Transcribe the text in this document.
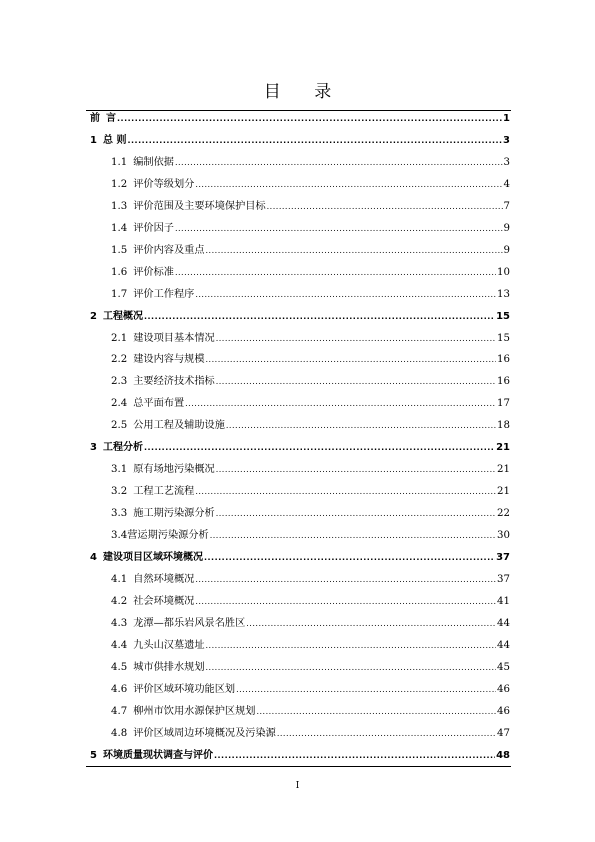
目 录
前 言 .....	1
1 总 则 .....	3
1.1 编制依据 .....	3
1.2 评价等级划分 .....	4
1.3 评价范围及主要环境保护目标 .....	7
1.4 评价因子 .....	9
1.5 评价内容及重点 .....	9
1.6 评价标准 .....	10
1.7 评价工作程序 .....	13
2 工程概况 .....	15
2.1 建设项目基本情况 .....	15
2.2 建设内容与规模 .....	16
2.3 主要经济技术指标 .....	16
2.4 总平面布置 .....	17
2.5 公用工程及辅助设施 .....	18
3 工程分析 .....	21
3.1 原有场地污染概况 .....	21
3.2 工程工艺流程 .....	21
3.3 施工期污染源分析 .....	22
3.4 营运期污染源分析 .....	30
4 建设项目区域环境概况 .....	37
4.1 自然环境概况 .....	37
4.2 社会环境概况 .....	41
4.3 龙潭—都乐岩风景名胜区 .....	44
4.4 九头山汉墓遗址 .....	44
4.5 城市供排水规划 .....	45
4.6 评价区域环境功能区划 .....	46
4.7 柳州市饮用水源保护区规划 .....	46
4.8 评价区域周边环境概况及污染源 .....	47
5 环境质量现状调查与评价 .....	48
I
